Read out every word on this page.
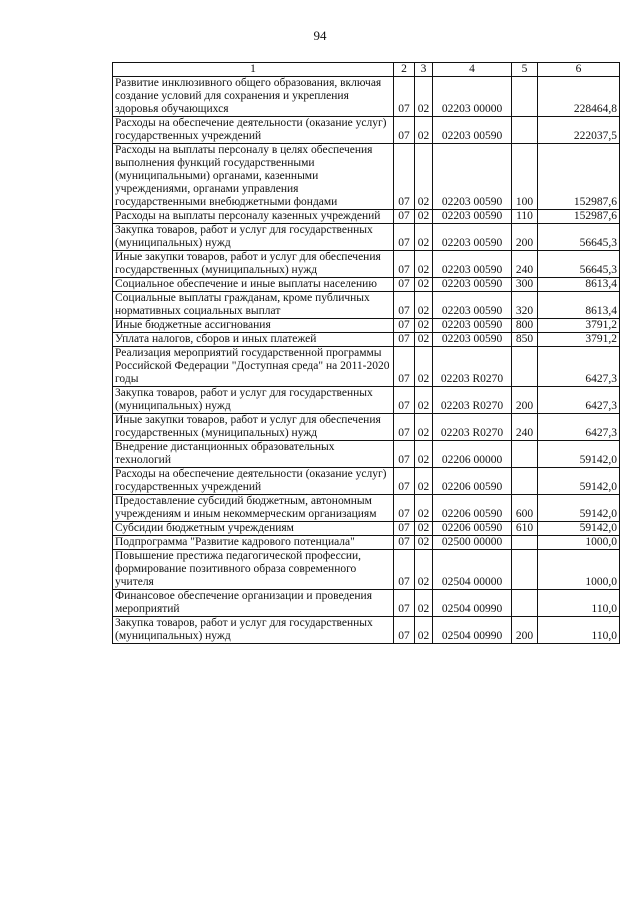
94
1	2	3	4	5	6
Развитие инклюзивного общего образования, включая создание условий для сохранения и укрепления здоровья обучающихся	07	02	02203 00000		228464,8
Расходы на обеспечение деятельности (оказание услуг) государственных учреждений	07	02	02203 00590		222037,5
Расходы на выплаты персоналу в целях обеспечения выполнения функций государственными (муниципальными) органами, казенными учреждениями, органами управления государственными внебюджетными фондами	07	02	02203 00590	100	152987,6
Расходы на выплаты персоналу казенных учреждений	07	02	02203 00590	110	152987,6
Закупка товаров, работ и услуг для государственных (муниципальных) нужд	07	02	02203 00590	200	56645,3
Иные закупки товаров, работ и услуг для обеспечения государственных (муниципальных) нужд	07	02	02203 00590	240	56645,3
Социальное обеспечение и иные выплаты населению	07	02	02203 00590	300	8613,4
Социальные выплаты гражданам, кроме публичных нормативных социальных выплат	07	02	02203 00590	320	8613,4
Иные бюджетные ассигнования	07	02	02203 00590	800	3791,2
Уплата налогов, сборов и иных платежей	07	02	02203 00590	850	3791,2
Реализация мероприятий государственной программы Российской Федерации "Доступная среда" на 2011-2020 годы	07	02	02203 R0270		6427,3
Закупка товаров, работ и услуг для государственных (муниципальных) нужд	07	02	02203 R0270	200	6427,3
Иные закупки товаров, работ и услуг для обеспечения государственных (муниципальных) нужд	07	02	02203 R0270	240	6427,3
Внедрение дистанционных образовательных технологий	07	02	02206 00000		59142,0
Расходы на обеспечение деятельности (оказание услуг) государственных учреждений	07	02	02206 00590		59142,0
Предоставление субсидий бюджетным, автономным учреждениям и иным некоммерческим организациям	07	02	02206 00590	600	59142,0
Субсидии бюджетным учреждениям	07	02	02206 00590	610	59142,0
Подпрограмма "Развитие кадрового потенциала"	07	02	02500 00000		1000,0
Повышение престижа педагогической профессии, формирование позитивного образа современного учителя	07	02	02504 00000		1000,0
Финансовое обеспечение организации и проведения мероприятий	07	02	02504 00990		110,0
Закупка товаров, работ и услуг для государственных (муниципальных) нужд	07	02	02504 00990	200	110,0
